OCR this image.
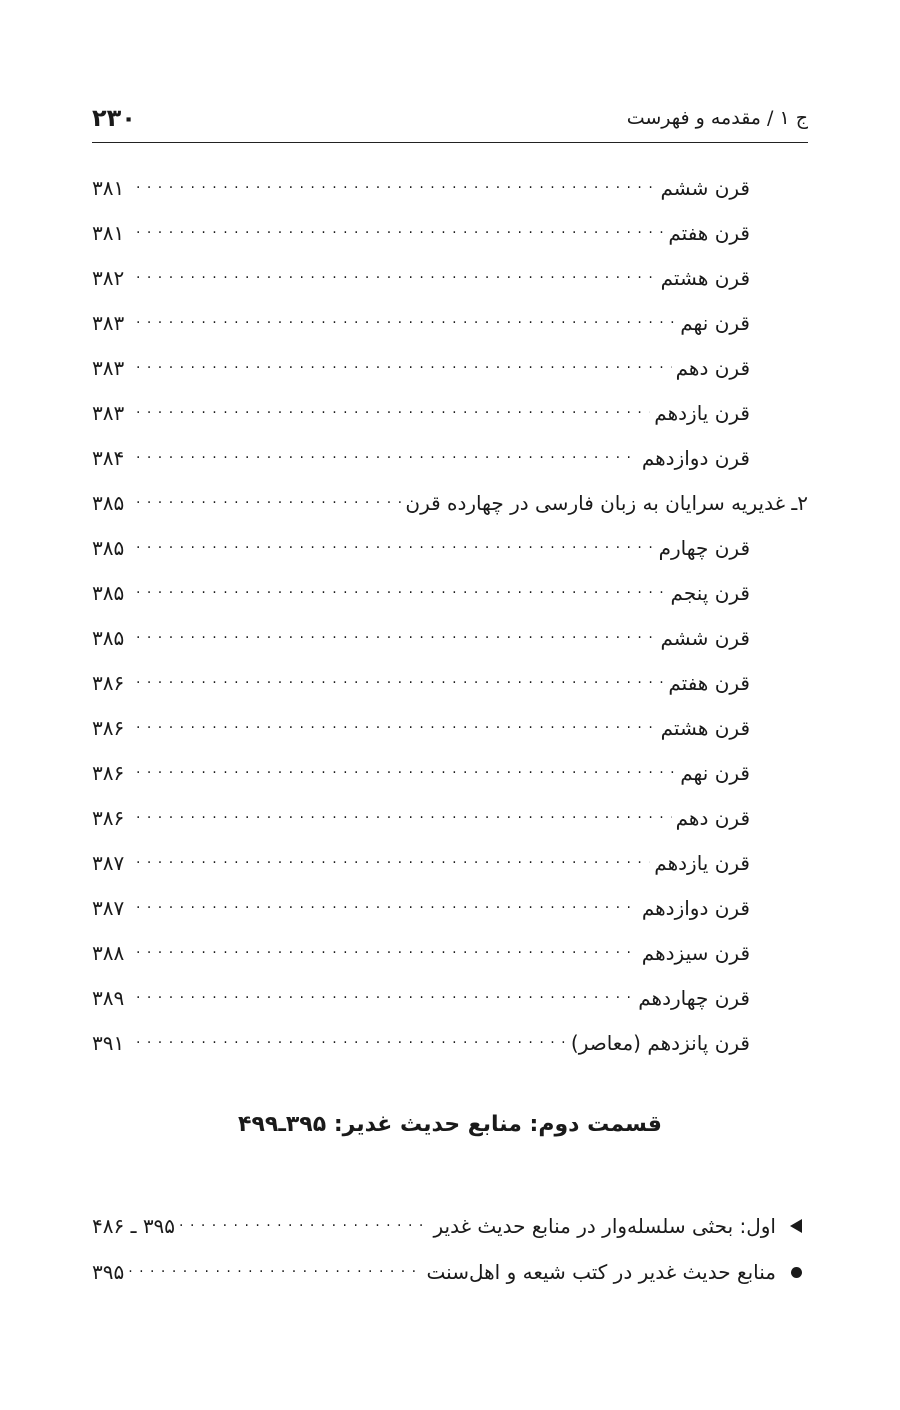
۲۳۰	ج ۱ / مقدمه و فهرست
قرن ششم
. . .
۳۸۱
قرن هفتم
. . .
۳۸۱
قرن هشتم
. . .
۳۸۲
قرن نهم
. . .
۳۸۳
قرن دهم
. . .
۳۸۳
قرن یازدهم
. . .
۳۸۳
قرن دوازدهم
. . .
۳۸۴
۲ـ غدیریه سرایان به زبان فارسی در چهارده قرن
. . .
۳۸۵
قرن چهارم
. . .
۳۸۵
قرن پنجم
. . .
۳۸۵
قرن ششم
. . .
۳۸۵
قرن هفتم
. . .
۳۸۶
قرن هشتم
. . .
۳۸۶
قرن نهم
. . .
۳۸۶
قرن دهم
. . .
۳۸۶
قرن یازدهم
. . .
۳۸۷
قرن دوازدهم
. . .
۳۸۷
قرن سیزدهم
. . .
۳۸۸
قرن چهاردهم
. . .
۳۸۹
قرن پانزدهم (معاصر)
. . .
۳۹۱
قسمت دوم: منابع حدیث غدیر: ۳۹۵ـ۴۹۹
اول: بحثی سلسله‌وار در منابع حدیث غدیر
. . .
۳۹۵ ـ ۴۸۶
منابع حدیث غدیر در کتب شیعه و اهل‌سنت
. . .
۳۹۵
